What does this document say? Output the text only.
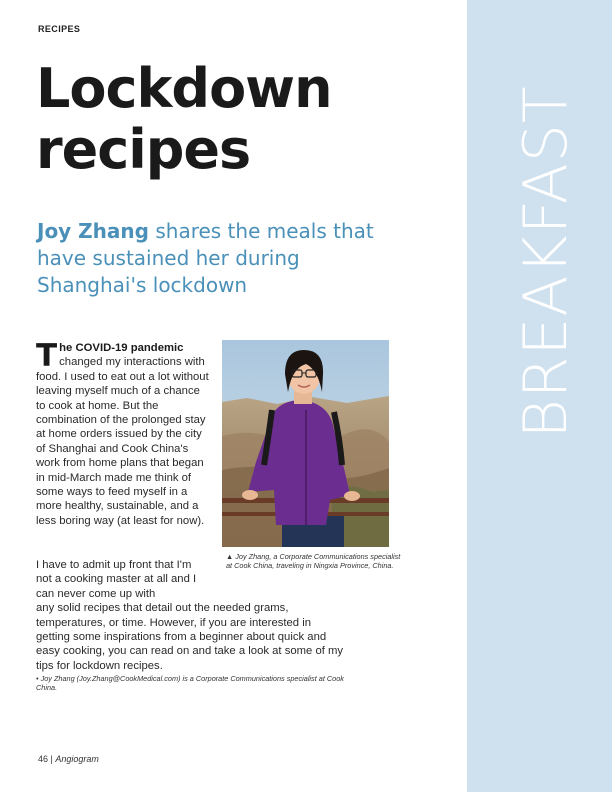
BREAKFAST
RECIPES
Lockdown
recipes

Joy Zhang shares the meals that have sustained her during Shanghai's lockdown

The COVID-19 pandemic changed my interactions with food. I used to eat out a lot without leaving myself much of a chance to cook at home. But the combination of the prolonged stay at home orders issued by the city of Shanghai and Cook China's work from home plans that began in mid-March made me think of some ways to feed myself in a more healthy, sustainable, and a less boring way (at least for now).

▲ Joy Zhang, a Corporate Communications specialist at Cook China, traveling in Ningxia Province, China.

I have to admit up front that I'm not a cooking master at all and I can never come up with
any solid recipes that detail out the needed grams, temperatures, or time. However, if you are interested in getting some inspirations from a beginner about quick and easy cooking, you can read on and take a look at some of my tips for lockdown recipes.

• Joy Zhang (Joy.Zhang@CookMedical.com) is a Corporate Communications specialist at Cook China.

46 | Angiogram
